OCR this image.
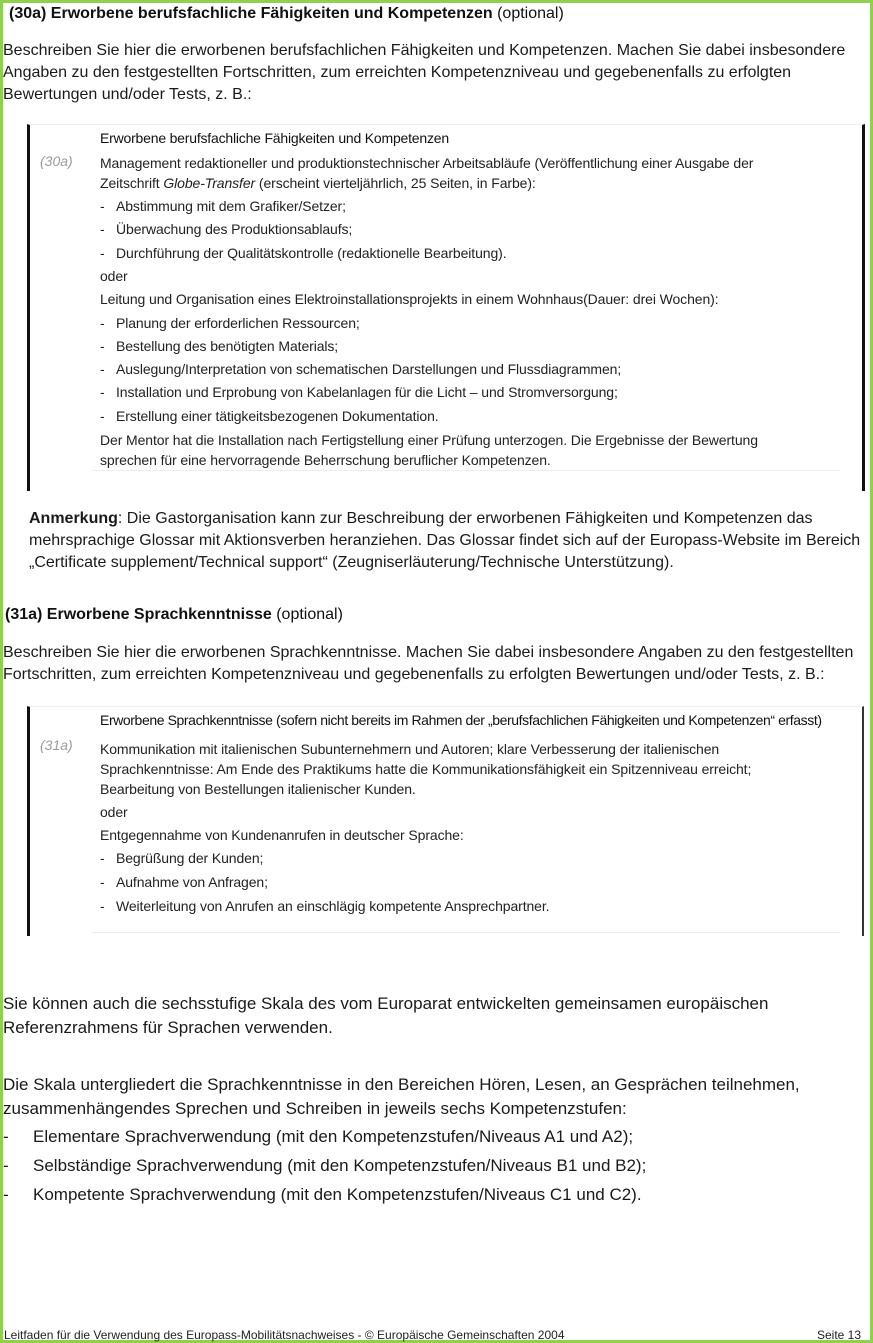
(30a) Erworbene berufsfachliche Fähigkeiten und Kompetenzen (optional)
Beschreiben Sie hier die erworbenen berufsfachlichen Fähigkeiten und Kompetenzen. Machen Sie dabei insbesondere
Angaben zu den festgestellten Fortschritten, zum erreichten Kompetenzniveau und gegebenenfalls zu erfolgten
Bewertungen und/oder Tests, z. B.:
(30a)
Erworbene berufsfachliche Fähigkeiten und Kompetenzen
Management redaktioneller und produktionstechnischer Arbeitsabläufe (Veröffentlichung einer Ausgabe der
Zeitschrift Globe-Transfer (erscheint vierteljährlich, 25 Seiten, in Farbe):
- Abstimmung mit dem Grafiker/Setzer;
- Überwachung des Produktionsablaufs;
- Durchführung der Qualitätskontrolle (redaktionelle Bearbeitung).
oder
Leitung und Organisation eines Elektroinstallationsprojekts in einem Wohnhaus(Dauer: drei Wochen):
- Planung der erforderlichen Ressourcen;
- Bestellung des benötigten Materials;
- Auslegung/Interpretation von schematischen Darstellungen und Flussdiagrammen;
- Installation und Erprobung von Kabelanlagen für die Licht – und Stromversorgung;
- Erstellung einer tätigkeitsbezogenen Dokumentation.
Der Mentor hat die Installation nach Fertigstellung einer Prüfung unterzogen. Die Ergebnisse der Bewertung
sprechen für eine hervorragende Beherrschung beruflicher Kompetenzen.
Anmerkung: Die Gastorganisation kann zur Beschreibung der erworbenen Fähigkeiten und Kompetenzen das
mehrsprachige Glossar mit Aktionsverben heranziehen. Das Glossar findet sich auf der Europass-Website im Bereich
„Certificate supplement/Technical support“ (Zeugniserläuterung/Technische Unterstützung).
(31a) Erworbene Sprachkenntnisse (optional)
Beschreiben Sie hier die erworbenen Sprachkenntnisse. Machen Sie dabei insbesondere Angaben zu den festgestellten
Fortschritten, zum erreichten Kompetenzniveau und gegebenenfalls zu erfolgten Bewertungen und/oder Tests, z. B.:
(31a)
Erworbene Sprachkenntnisse (sofern nicht bereits im Rahmen der „berufsfachlichen Fähigkeiten und Kompetenzen“ erfasst)
Kommunikation mit italienischen Subunternehmern und Autoren; klare Verbesserung der italienischen
Sprachkenntnisse: Am Ende des Praktikums hatte die Kommunikationsfähigkeit ein Spitzenniveau erreicht;
Bearbeitung von Bestellungen italienischer Kunden.
oder
Entgegennahme von Kundenanrufen in deutscher Sprache:
- Begrüßung der Kunden;
- Aufnahme von Anfragen;
- Weiterleitung von Anrufen an einschlägig kompetente Ansprechpartner.
Sie können auch die sechsstufige Skala des vom Europarat entwickelten gemeinsamen europäischen
Referenzrahmens für Sprachen verwenden.
Die Skala untergliedert die Sprachkenntnisse in den Bereichen Hören, Lesen, an Gesprächen teilnehmen,
zusammenhängendes Sprechen und Schreiben in jeweils sechs Kompetenzstufen:
- Elementare Sprachverwendung (mit den Kompetenzstufen/Niveaus A1 und A2);
- Selbständige Sprachverwendung (mit den Kompetenzstufen/Niveaus B1 und B2);
- Kompetente Sprachverwendung (mit den Kompetenzstufen/Niveaus C1 und C2).
Leitfaden für die Verwendung des Europass-Mobilitätsnachweises - © Europäische Gemeinschaften 2004	Seite 13
